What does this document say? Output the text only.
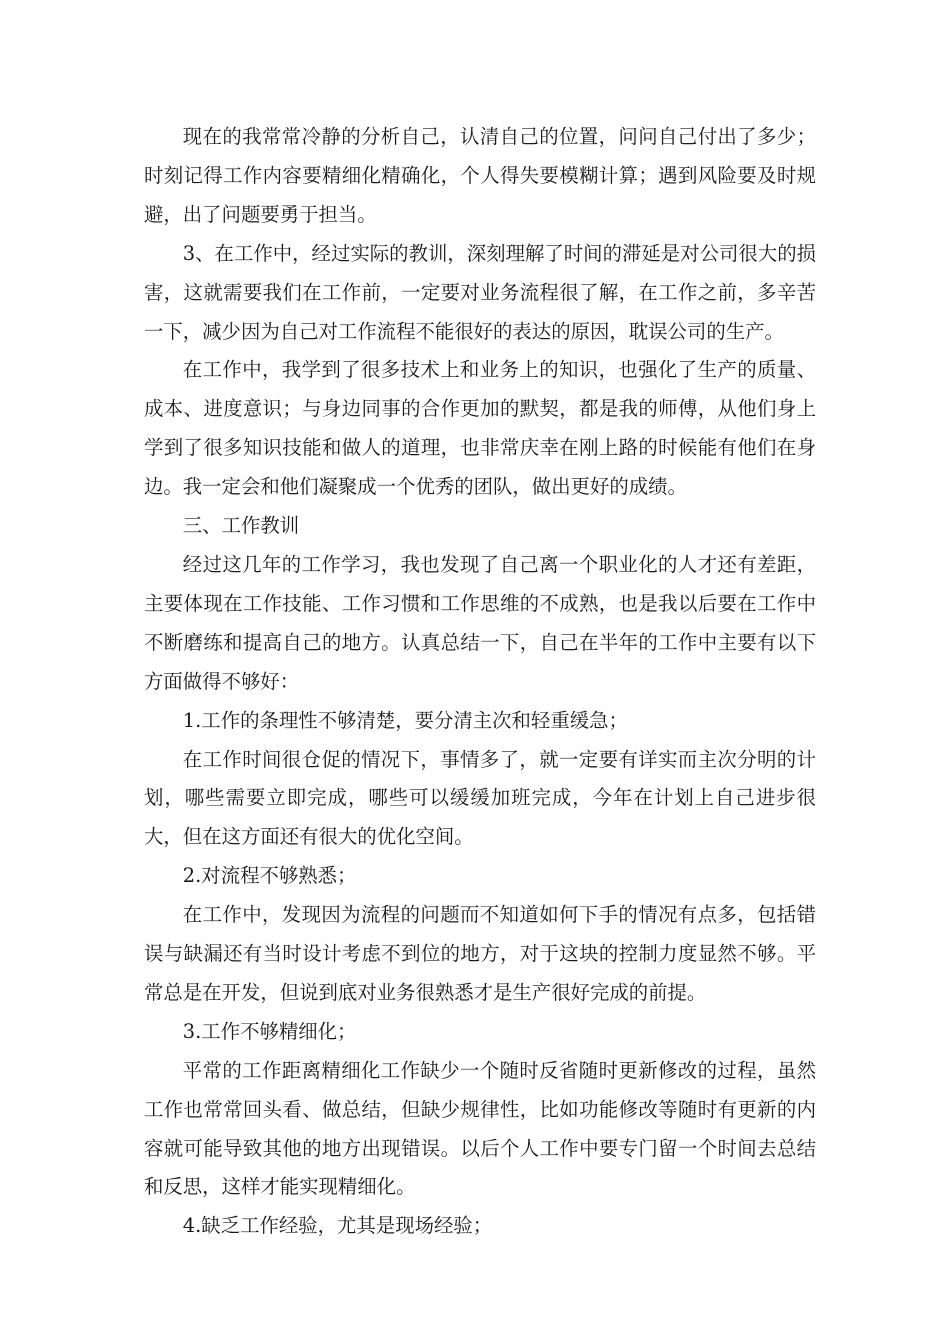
现在的我常常冷静的分析自己，认清自己的位置，问问自己付出了多少；时刻记得工作内容要精细化精确化，个人得失要模糊计算；遇到风险要及时规避，出了问题要勇于担当。

3、在工作中，经过实际的教训，深刻理解了时间的滞延是对公司很大的损害，这就需要我们在工作前，一定要对业务流程很了解，在工作之前，多辛苦一下，减少因为自己对工作流程不能很好的表达的原因，耽误公司的生产。

在工作中，我学到了很多技术上和业务上的知识，也强化了生产的质量、成本、进度意识；与身边同事的合作更加的默契，都是我的师傅，从他们身上学到了很多知识技能和做人的道理，也非常庆幸在刚上路的时候能有他们在身边。我一定会和他们凝聚成一个优秀的团队，做出更好的成绩。

三、工作教训

经过这几年的工作学习，我也发现了自己离一个职业化的人才还有差距，主要体现在工作技能、工作习惯和工作思维的不成熟，也是我以后要在工作中不断磨练和提高自己的地方。认真总结一下，自己在半年的工作中主要有以下方面做得不够好：

1.工作的条理性不够清楚，要分清主次和轻重缓急；

在工作时间很仓促的情况下，事情多了，就一定要有详实而主次分明的计划，哪些需要立即完成，哪些可以缓缓加班完成，今年在计划上自己进步很大，但在这方面还有很大的优化空间。

2.对流程不够熟悉；

在工作中，发现因为流程的问题而不知道如何下手的情况有点多，包括错误与缺漏还有当时设计考虑不到位的地方，对于这块的控制力度显然不够。平常总是在开发，但说到底对业务很熟悉才是生产很好完成的前提。

3.工作不够精细化；

平常的工作距离精细化工作缺少一个随时反省随时更新修改的过程，虽然工作也常常回头看、做总结，但缺少规律性，比如功能修改等随时有更新的内容就可能导致其他的地方出现错误。以后个人工作中要专门留一个时间去总结和反思，这样才能实现精细化。

4.缺乏工作经验，尤其是现场经验；
